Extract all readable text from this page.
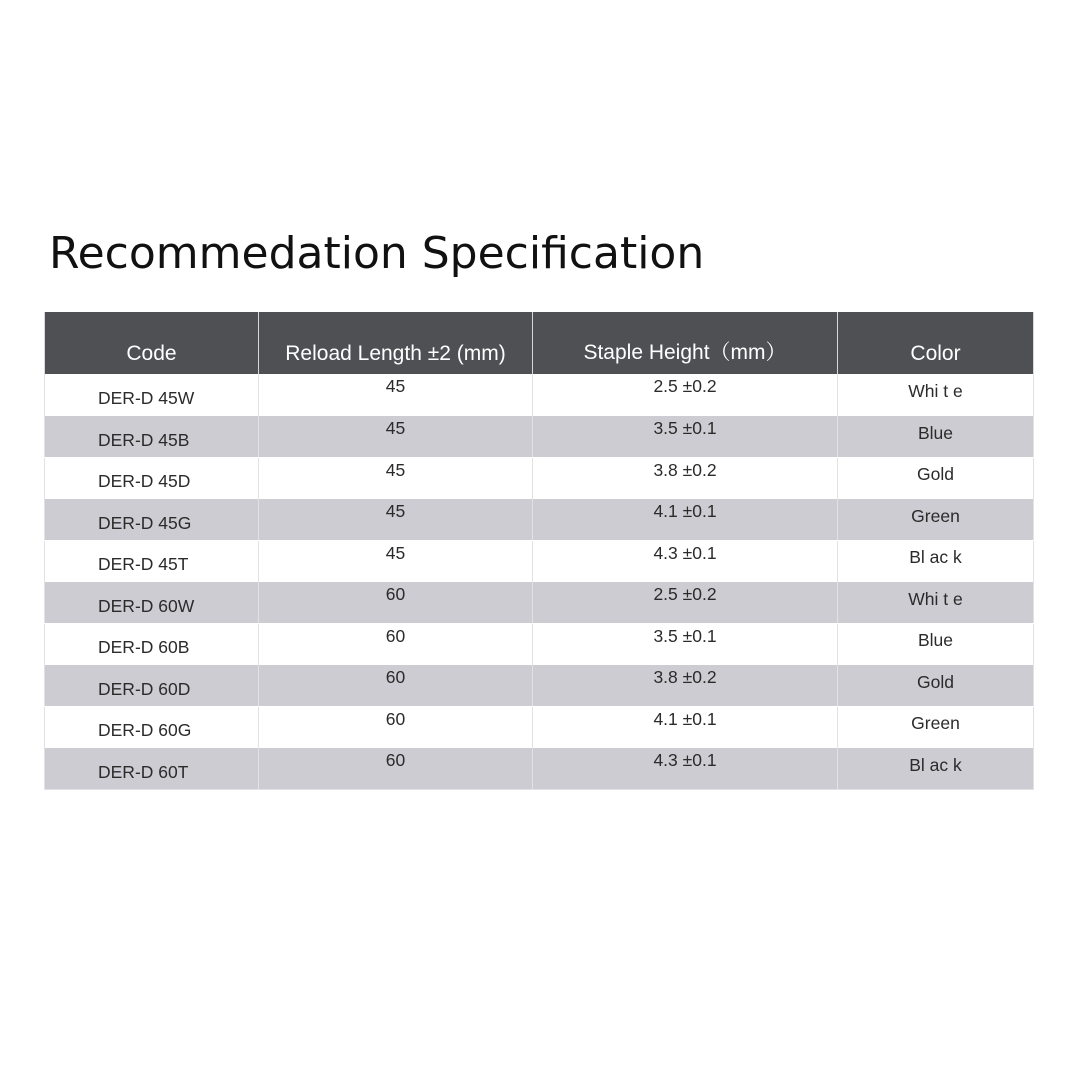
Recommedation Specification
Code	Reload Length ±2 (mm)	Staple Height（mm）	Color
DER-D 45W	45	2.5 ±0.2	Whi t e
DER-D 45B	45	3.5 ±0.1	Blue
DER-D 45D	45	3.8 ±0.2	Gold
DER-D 45G	45	4.1 ±0.1	Green
DER-D 45T	45	4.3 ±0.1	Bl ac k
DER-D 60W	60	2.5 ±0.2	Whi t e
DER-D 60B	60	3.5 ±0.1	Blue
DER-D 60D	60	3.8 ±0.2	Gold
DER-D 60G	60	4.1 ±0.1	Green
DER-D 60T	60	4.3 ±0.1	Bl ac k
